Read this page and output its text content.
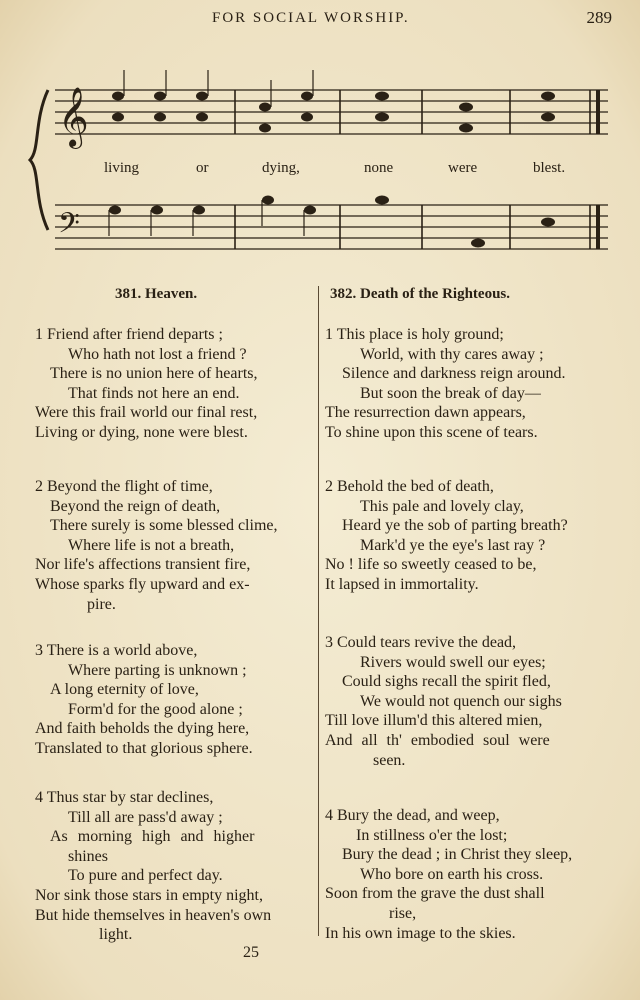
FOR SOCIAL WORSHIP.	289
𝄞
𝄢
living	or	dying,	none	were	blest.
381. Heaven.	382. Death of the Righteous.
1 Friend after friend departs ;
Who hath not lost a friend ?
There is no union here of hearts,
That finds not here an end.
Were this frail world our final rest,
Living or dying, none were blest.
2 Beyond the flight of time,
Beyond the reign of death,
There surely is some blessed clime,
Where life is not a breath,
Nor life's affections transient fire,
Whose sparks fly upward and ex-
pire.
3 There is a world above,
Where parting is unknown ;
A long eternity of love,
Form'd for the good alone ;
And faith beholds the dying here,
Translated to that glorious sphere.
4 Thus star by star declines,
Till all are pass'd away ;
As morning high and higher
shines
To pure and perfect day.
Nor sink those stars in empty night,
But hide themselves in heaven's own
light.
1 This place is holy ground;
World, with thy cares away ;
Silence and darkness reign around.
But soon the break of day—
The resurrection dawn appears,
To shine upon this scene of tears.
2 Behold the bed of death,
This pale and lovely clay,
Heard ye the sob of parting breath?
Mark'd ye the eye's last ray ?
No ! life so sweetly ceased to be,
It lapsed in immortality.
3 Could tears revive the dead,
Rivers would swell our eyes;
Could sighs recall the spirit fled,
We would not quench our sighs
Till love illum'd this altered mien,
And all th' embodied soul were
seen.
4 Bury the dead, and weep,
In stillness o'er the lost;
Bury the dead ; in Christ they sleep,
Who bore on earth his cross.
Soon from the grave the dust shall
rise,
In his own image to the skies.
25
